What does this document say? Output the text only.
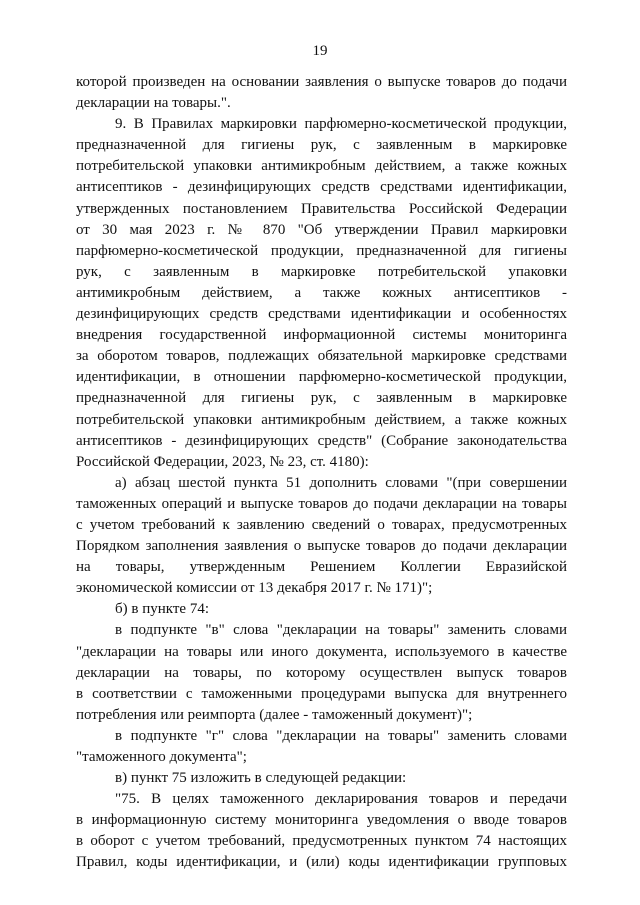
19
которой произведен на основании заявления о выпуске товаров до подачи
декларации на товары.".
9. В Правилах маркировки парфюмерно-косметической продукции,
предназначенной для гигиены рук, с заявленным в маркировке
потребительской упаковки антимикробным действием, а также кожных
антисептиков - дезинфицирующих средств средствами идентификации,
утвержденных постановлением Правительства Российской Федерации
от 30 мая 2023 г. № 870 "Об утверждении Правил маркировки
парфюмерно-косметической продукции, предназначенной для гигиены
рук, с заявленным в маркировке потребительской упаковки
антимикробным действием, а также кожных антисептиков -
дезинфицирующих средств средствами идентификации и особенностях
внедрения государственной информационной системы мониторинга
за оборотом товаров, подлежащих обязательной маркировке средствами
идентификации, в отношении парфюмерно-косметической продукции,
предназначенной для гигиены рук, с заявленным в маркировке
потребительской упаковки антимикробным действием, а также кожных
антисептиков - дезинфицирующих средств" (Собрание законодательства
Российской Федерации, 2023, № 23, ст. 4180):
а) абзац шестой пункта 51 дополнить словами "(при совершении
таможенных операций и выпуске товаров до подачи декларации на товары
с учетом требований к заявлению сведений о товарах, предусмотренных
Порядком заполнения заявления о выпуске товаров до подачи декларации
на товары, утвержденным Решением Коллегии Евразийской
экономической комиссии от 13 декабря 2017 г. № 171)";
б) в пункте 74:
в подпункте "в" слова "декларации на товары" заменить словами
"декларации на товары или иного документа, используемого в качестве
декларации на товары, по которому осуществлен выпуск товаров
в соответствии с таможенными процедурами выпуска для внутреннего
потребления или реимпорта (далее - таможенный документ)";
в подпункте "г" слова "декларации на товары" заменить словами
"таможенного документа";
в) пункт 75 изложить в следующей редакции:
"75. В целях таможенного декларирования товаров и передачи
в информационную систему мониторинга уведомления о вводе товаров
в оборот с учетом требований, предусмотренных пунктом 74 настоящих
Правил, коды идентификации, и (или) коды идентификации групповых
